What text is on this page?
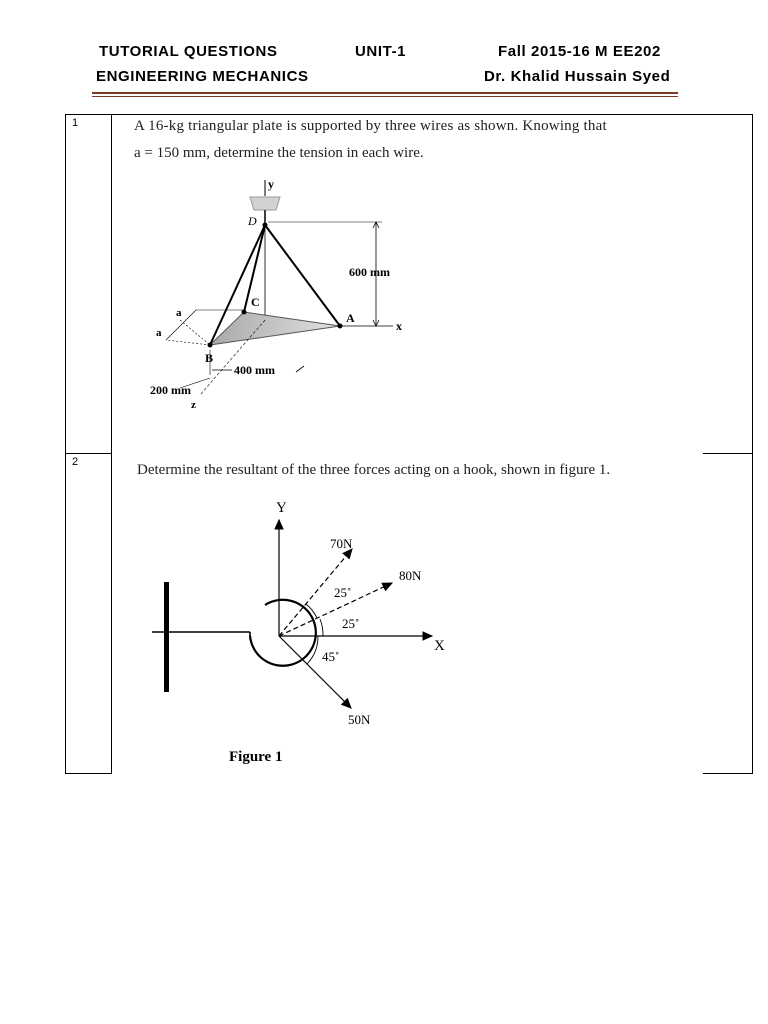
TUTORIAL QUESTIONS	UNIT-1	Fall 2015-16 M EE202
ENGINEERING MECHANICS	Dr. Khalid Hussain Syed
1	A 16-kg triangular plate is supported by three wires as shown. Knowing that
a = 150 mm, determine the tension in each wire.
y
D
600 mm
C
A
x
a
a
B
400 mm
200 mm
z
2	Determine the resultant of the three forces acting on a hook, shown in figure 1.
Y
X
70N
80N
50N
25˚
25˚
45˚
Figure 1
